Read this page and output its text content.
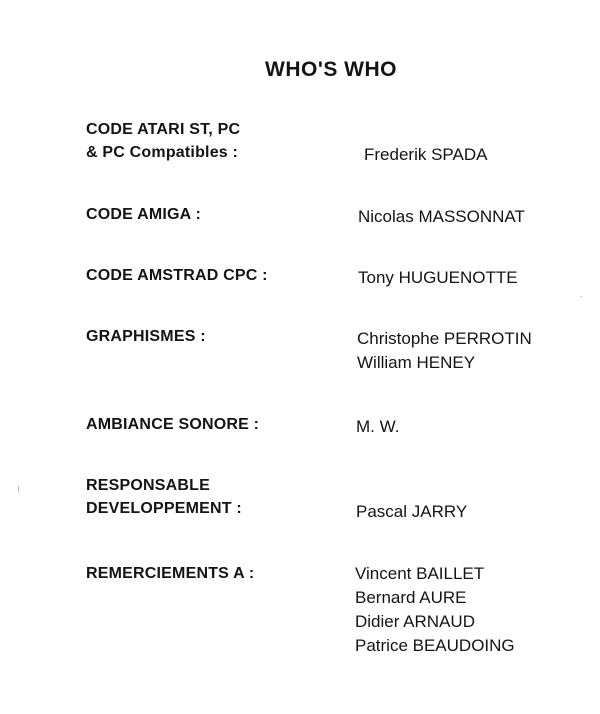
WHO'S WHO
CODE ATARI ST, PC
& PC Compatibles :	Frederik SPADA
CODE AMIGA :	Nicolas MASSONNAT
CODE AMSTRAD CPC :	Tony HUGUENOTTE
GRAPHISMES :	Christophe PERROTIN
William HENEY
AMBIANCE SONORE :	M. W.
RESPONSABLE
DEVELOPPEMENT :	Pascal JARRY
REMERCIEMENTS A :	Vincent BAILLET
Bernard AURE
Didier ARNAUD
Patrice BEAUDOING
